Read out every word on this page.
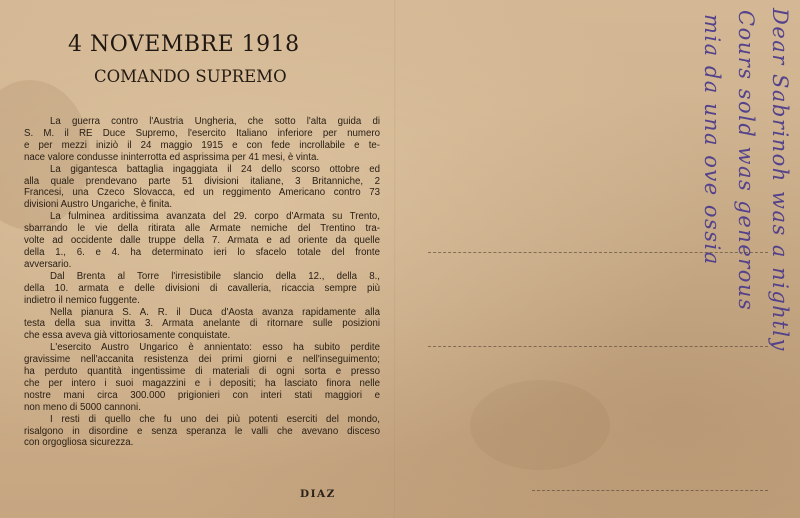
4 NOVEMBRE 1918
COMANDO SUPREMO
La guerra contro l'Austria Ungheria, che sotto l'alta guida di
S. M. il RE Duce Supremo, l'esercito Italiano inferiore per numero
e per mezzi iniziò il 24 maggio 1915 e con fede incrollabile e te-
nace valore condusse ininterrotta ed asprissima per 41 mesi, è vinta.
La gigantesca battaglia ingaggiata il 24 dello scorso ottobre ed
alla quale prendevano parte 51 divisioni italiane, 3 Britanniche, 2
Francesi, una Czeco Slovacca, ed un reggimento Americano contro 73
divisioni Austro Ungariche, è finita.
La fulminea arditissima avanzata del 29. corpo d'Armata su Trento,
sbarrando le vie della ritirata alle Armate nemiche del Trentino tra-
volte ad occidente dalle truppe della 7. Armata e ad oriente da quelle
della 1., 6. e 4. ha determinato ieri lo sfacelo totale del fronte
avversario.
Dal Brenta al Torre l'irresistibile slancio della 12., della 8.,
della 10. armata e delle divisioni di cavalleria, ricaccia sempre più
indietro il nemico fuggente.
Nella pianura S. A. R. il Duca d'Aosta avanza rapidamente alla
testa della sua invitta 3. Armata anelante di ritornare sulle posizioni
che essa aveva già vittoriosamente conquistate.
L'esercito Austro Ungarico è annientato: esso ha subito perdite
gravissime nell'accanita resistenza dei primi giorni e nell'inseguimento;
ha perduto quantità ingentissime di materiali di ogni sorta e presso
che per intero i suoi magazzini e i depositi; ha lasciato finora nelle
nostre mani circa 300.000 prigionieri con interi stati maggiori e
non meno di 5000 cannoni.
I resti di quello che fu uno dei più potenti eserciti del mondo,
risalgono in disordine e senza speranza le valli che avevano disceso
con orgogliosa sicurezza.
DIAZ
Dear Sabrinoh was a nightly
Cours sold was generous
mia da una ove ossia
